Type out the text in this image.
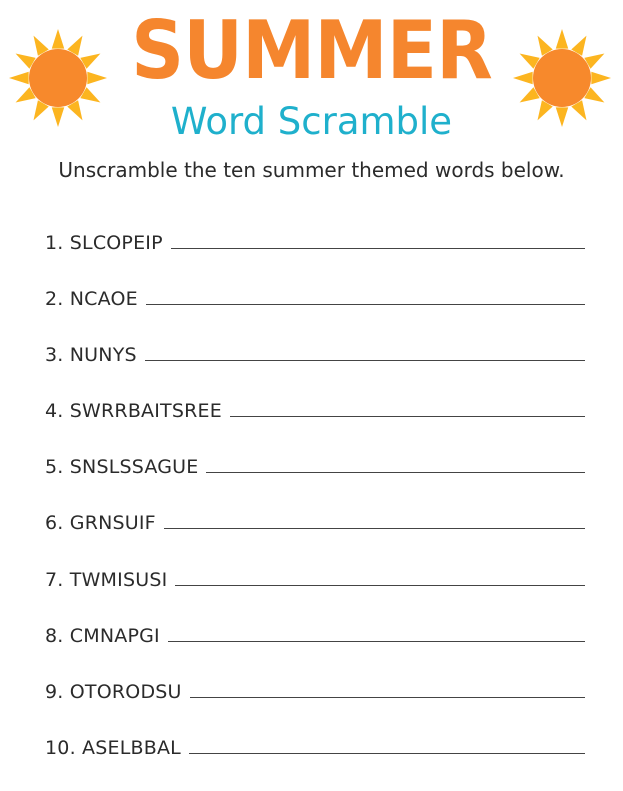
SUMMER
Word Scramble
Unscramble the ten summer themed words below.
1. SLCOPEIP
2. NCAOE
3. NUNYS
4. SWRRBAITSREE
5. SNSLSSAGUE
6. GRNSUIF
7. TWMISUSI
8. CMNAPGI
9. OTORODSU
10. ASELBBAL
